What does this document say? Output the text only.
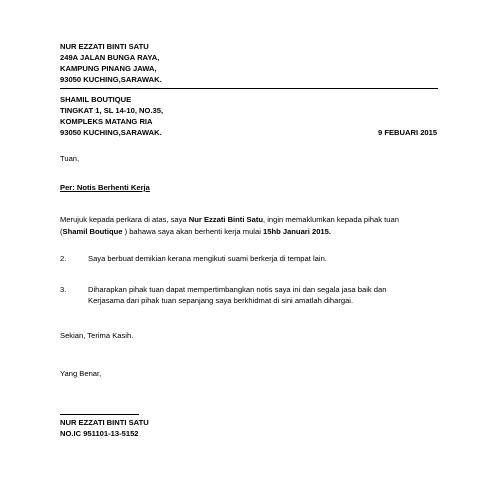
NUR EZZATI BINTI SATU
249A JALAN BUNGA RAYA,
KAMPUNG PINANG JAWA,
93050 KUCHING,SARAWAK.
SHAMIL BOUTIQUE
TINGKAT 1, SL 14-10, NO.35,
KOMPLEKS MATANG RIA
93050 KUCHING,SARAWAK.	9 FEBUARI 2015
Tuan,
Per: Notis Berhenti Kerja
Merujuk kepada perkara di atas, saya Nur Ezzati Binti Satu, ingin memaklumkan kepada pihak tuan
(Shamil Boutique ) bahawa saya akan berhenti kerja mulai 15hb Januari 2015.
2.	Saya berbuat demikian kerana mengikuti suami berkerja di tempat lain.
3.	Diharapkan pihak tuan dapat mempertimbangkan notis saya ini dan segala jasa baik dan
Kerjasama dari pihak tuan sepanjang saya berkhidmat di sini amatlah dihargai.
Sekian, Terima Kasih.
Yang Benar,
NUR EZZATI BINTI SATU
NO.IC 951101-13-5152
